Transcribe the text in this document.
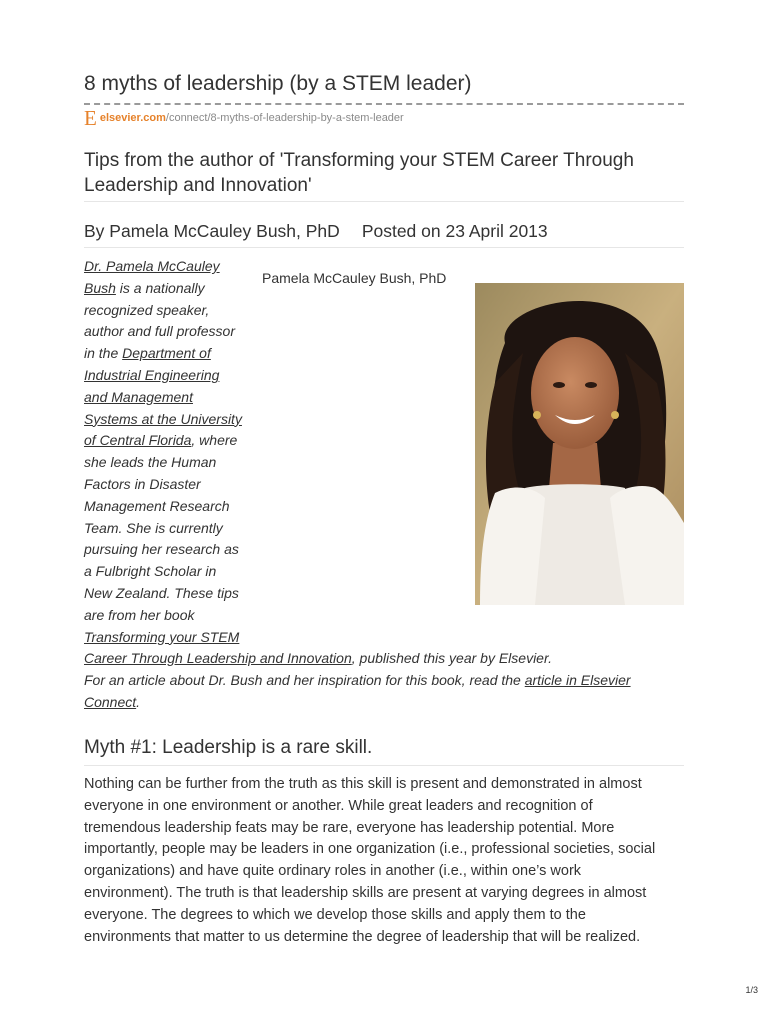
8 myths of leadership (by a STEM leader)
E elsevier.com /connect/8-myths-of-leadership-by-a-stem-leader
Tips from the author of 'Transforming your STEM Career Through Leadership and Innovation'
By Pamela McCauley Bush, PhD Posted on 23 April 2013
Dr. Pamela McCauley
Bush is a nationally
recognized speaker,
author and full professor
in the Department of
Industrial Engineering
and Management
Systems at the University
of Central Florida, where
she leads the Human
Factors in Disaster
Management Research
Team. She is currently
pursuing her research as
a Fulbright Scholar in
New Zealand. These tips
are from her book
Transforming your STEM
Career Through Leadership and Innovation, published this year by Elsevier.
For an article about Dr. Bush and her inspiration for this book, read the article in Elsevier
Connect.
Pamela McCauley Bush, PhD
Myth #1: Leadership is a rare skill.
Nothing can be further from the truth as this skill is present and demonstrated in almost
everyone in one environment or another. While great leaders and recognition of
tremendous leadership feats may be rare, everyone has leadership potential. More
importantly, people may be leaders in one organization (i.e., professional societies, social
organizations) and have quite ordinary roles in another (i.e., within one’s work
environment). The truth is that leadership skills are present at varying degrees in almost
everyone. The degrees to which we develop those skills and apply them to the
environments that matter to us determine the degree of leadership that will be realized.
1/3
